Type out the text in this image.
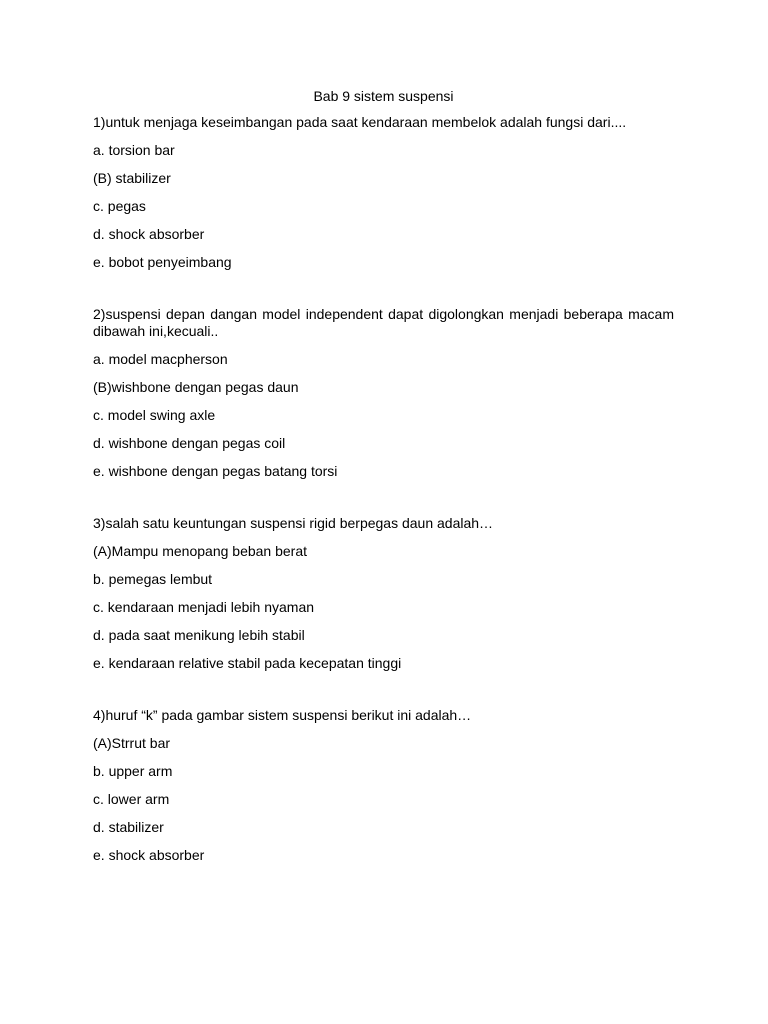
Bab 9 sistem suspensi
1)untuk menjaga keseimbangan pada saat kendaraan membelok adalah fungsi dari....
a. torsion bar
(B) stabilizer
c. pegas
d. shock absorber
e. bobot penyeimbang
2)suspensi depan dangan model independent dapat digolongkan menjadi beberapa macam dibawah ini,kecuali..
a. model macpherson
(B)wishbone dengan pegas daun
c. model swing axle
d. wishbone dengan pegas coil
e. wishbone dengan pegas batang torsi
3)salah satu keuntungan suspensi rigid berpegas daun adalah…
(A)Mampu menopang beban berat
b. pemegas lembut
c. kendaraan menjadi lebih nyaman
d. pada saat menikung lebih stabil
e. kendaraan relative stabil pada kecepatan tinggi
4)huruf “k” pada gambar sistem suspensi berikut ini adalah…
(A)Strrut bar
b. upper arm
c. lower arm
d. stabilizer
e. shock absorber
